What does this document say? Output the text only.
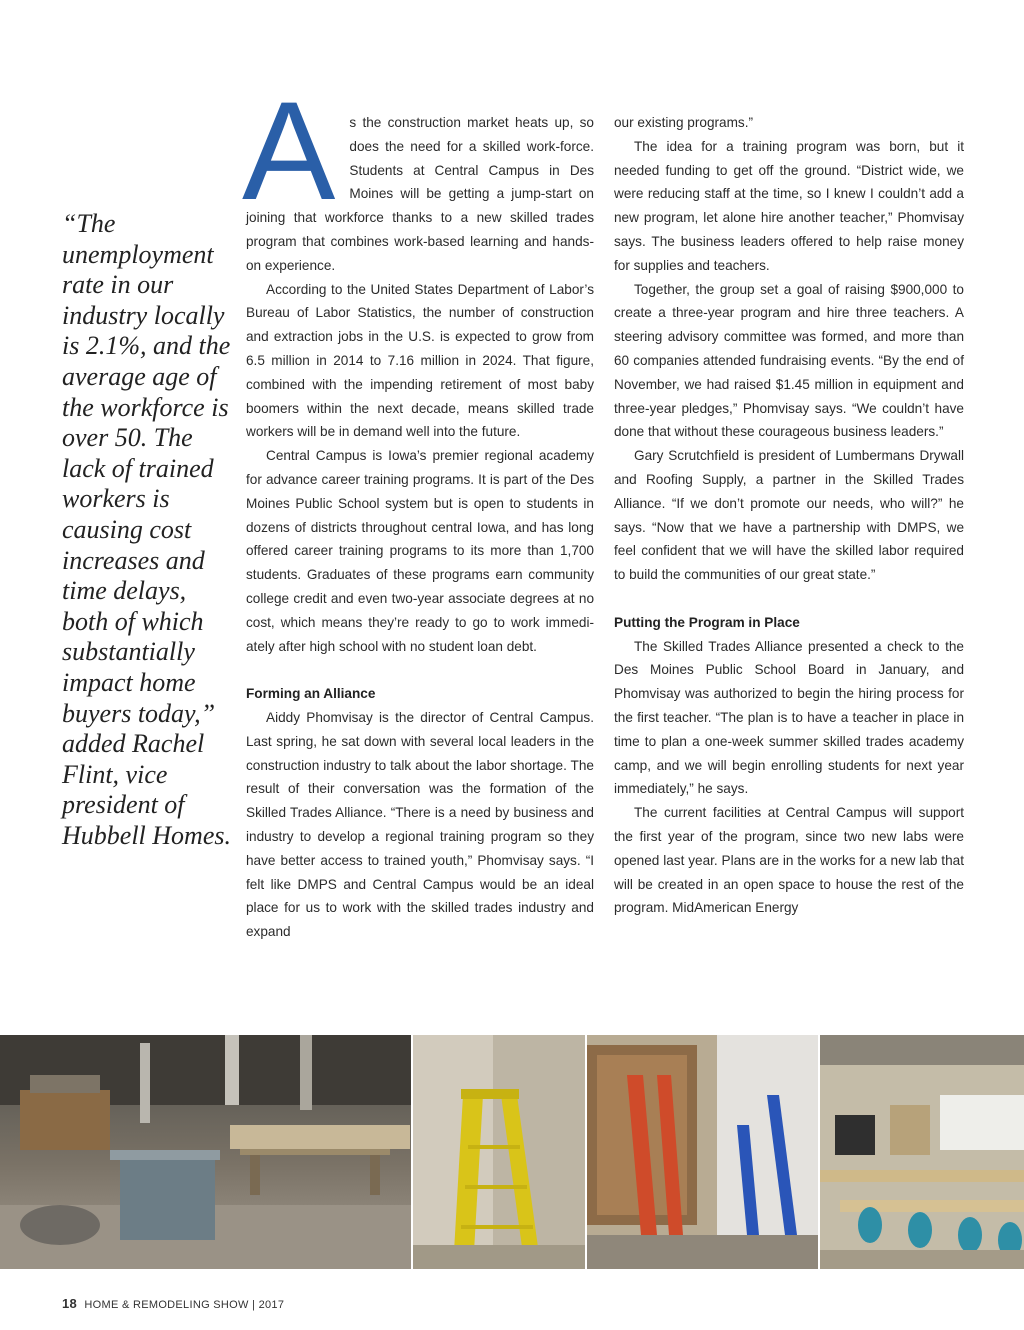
“The unemployment rate in our industry locally is 2.1%, and the average age of the workforce is over 50. The lack of trained workers is causing cost increases and time delays, both of which substantially impact home buyers today,” added Rachel Flint, vice president of Hubbell Homes.

A s the construction market heats up, so does the need for a skilled work-force. Students at Central Campus in Des Moines will be getting a jump-start on joining that workforce thanks to a new skilled trades program that combines work-based learning and hands-on experience.

According to the United States Department of Labor’s Bureau of Labor Statistics, the number of construction and extraction jobs in the U.S. is expected to grow from 6.5 million in 2014 to 7.16 million in 2024. That figure, combined with the impending retirement of most baby boomers within the next decade, means skilled trade workers will be in demand well into the future.

Central Campus is Iowa’s premier regional academy for advance career training programs. It is part of the Des Moines Public School system but is open to students in dozens of districts throughout central Iowa, and has long offered career training programs to its more than 1,700 students. Graduates of these programs earn community college credit and even two-year associate degrees at no cost, which means they’re ready to go to work immedi-ately after high school with no student loan debt.

Forming an Alliance

Aiddy Phomvisay is the director of Central Campus. Last spring, he sat down with several local leaders in the construction industry to talk about the labor shortage. The result of their conversation was the formation of the Skilled Trades Alliance. “There is a need by business and industry to develop a regional training program so they have better access to trained youth,” Phomvisay says. “I felt like DMPS and Central Campus would be an ideal place for us to work with the skilled trades industry and expand

our existing programs.”

The idea for a training program was born, but it needed funding to get off the ground. “District wide, we were reducing staff at the time, so I knew I couldn’t add a new program, let alone hire another teacher,” Phomvisay says. The business leaders offered to help raise money for supplies and teachers.

Together, the group set a goal of raising $900,000 to create a three-year program and hire three teachers. A steering advisory committee was formed, and more than 60 companies attended fundraising events. “By the end of November, we had raised $1.45 million in equipment and three-year pledges,” Phomvisay says. “We couldn’t have done that without these courageous business leaders.”

Gary Scrutchfield is president of Lumbermans Drywall and Roofing Supply, a partner in the Skilled Trades Alliance. “If we don’t promote our needs, who will?” he says. “Now that we have a partnership with DMPS, we feel confident that we will have the skilled labor required to build the communities of our great state.”

Putting the Program in Place

The Skilled Trades Alliance presented a check to the Des Moines Public School Board in January, and Phomvisay was authorized to begin the hiring process for the first teacher. “The plan is to have a teacher in place in time to plan a one-week summer skilled trades academy camp, and we will begin enrolling students for next year immediately,” he says.

The current facilities at Central Campus will support the first year of the program, since two new labs were opened last year. Plans are in the works for a new lab that will be created in an open space to house the rest of the program. MidAmerican Energy

18 HOME & REMODELING SHOW | 2017
